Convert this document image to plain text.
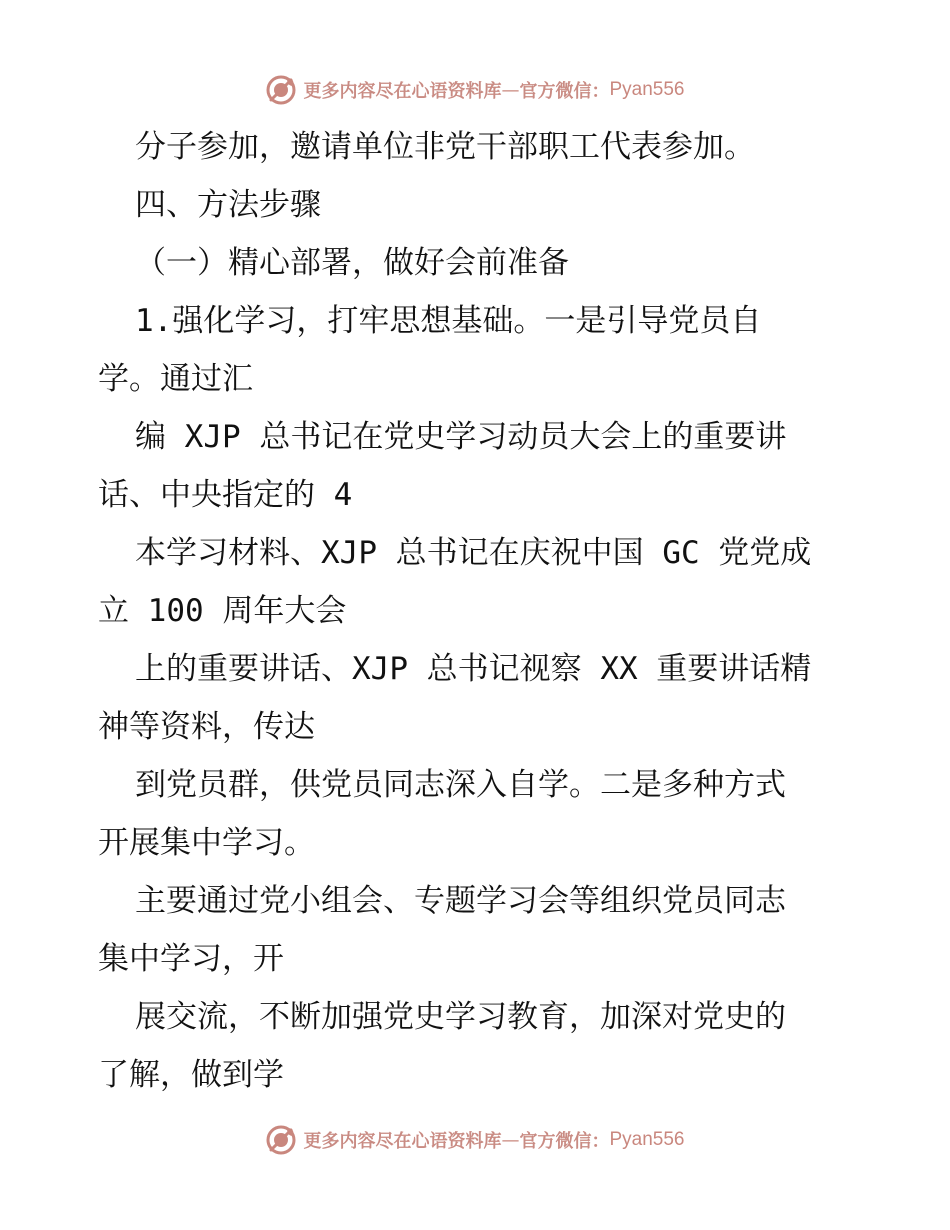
更多内容尽在心语资料库 — 官方微信： Pyan556
分子参加，邀请单位非党干部职工代表参加。
四、方法步骤
（一）精心部署，做好会前准备
1.强化学习，打牢思想基础。一是引导党员自
学。通过汇
编 XJP 总书记在党史学习动员大会上的重要讲
话、中央指定的 4
本学习材料、XJP 总书记在庆祝中国 GC 党党成
立 100 周年大会
上的重要讲话、XJP 总书记视察 XX 重要讲话精
神等资料，传达
到党员群，供党员同志深入自学。二是多种方式
开展集中学习。
主要通过党小组会、专题学习会等组织党员同志
集中学习，开
展交流，不断加强党史学习教育，加深对党史的
了解，做到学
更多内容尽在心语资料库 — 官方微信： Pyan556
